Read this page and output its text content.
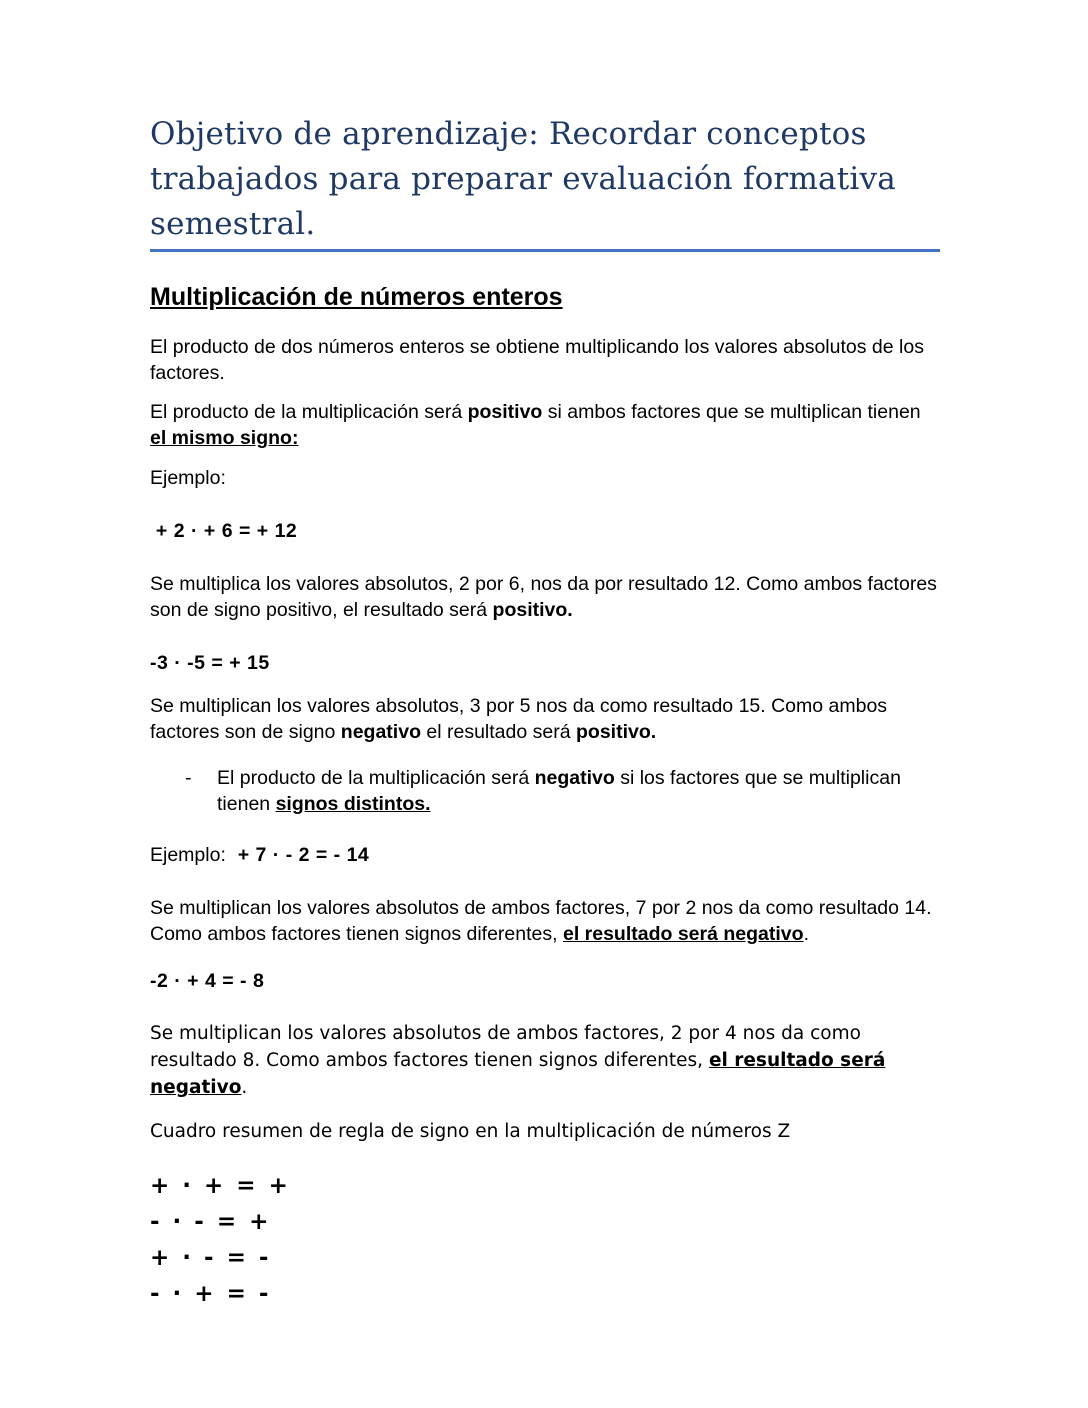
Objetivo de aprendizaje: Recordar conceptos trabajados para preparar evaluación formativa semestral.
Multiplicación de números enteros

El producto de dos números enteros se obtiene multiplicando los valores absolutos de los factores.

El producto de la multiplicación será positivo si ambos factores que se multiplican tienen el mismo signo:

Ejemplo:

+ 2 · + 6 = + 12

Se multiplica los valores absolutos, 2 por 6, nos da por resultado 12. Como ambos factores son de signo positivo, el resultado será positivo.

-3 · -5 = + 15

Se multiplican los valores absolutos, 3 por 5 nos da como resultado 15. Como ambos factores son de signo negativo el resultado será positivo.

-	El producto de la multiplicación será negativo si los factores que se multiplican tienen signos distintos.

Ejemplo:  + 7 · - 2 = - 14

Se multiplican los valores absolutos de ambos factores, 7 por 2 nos da como resultado 14. Como ambos factores tienen signos diferentes, el resultado será negativo.

-2 · + 4 = - 8

Se multiplican los valores absolutos de ambos factores, 2 por 4 nos da como resultado 8. Como ambos factores tienen signos diferentes, el resultado será negativo.

Cuadro resumen de regla de signo en la multiplicación de números Z

+ · + = +

- · - = +

+ · - = -

- · + = -
